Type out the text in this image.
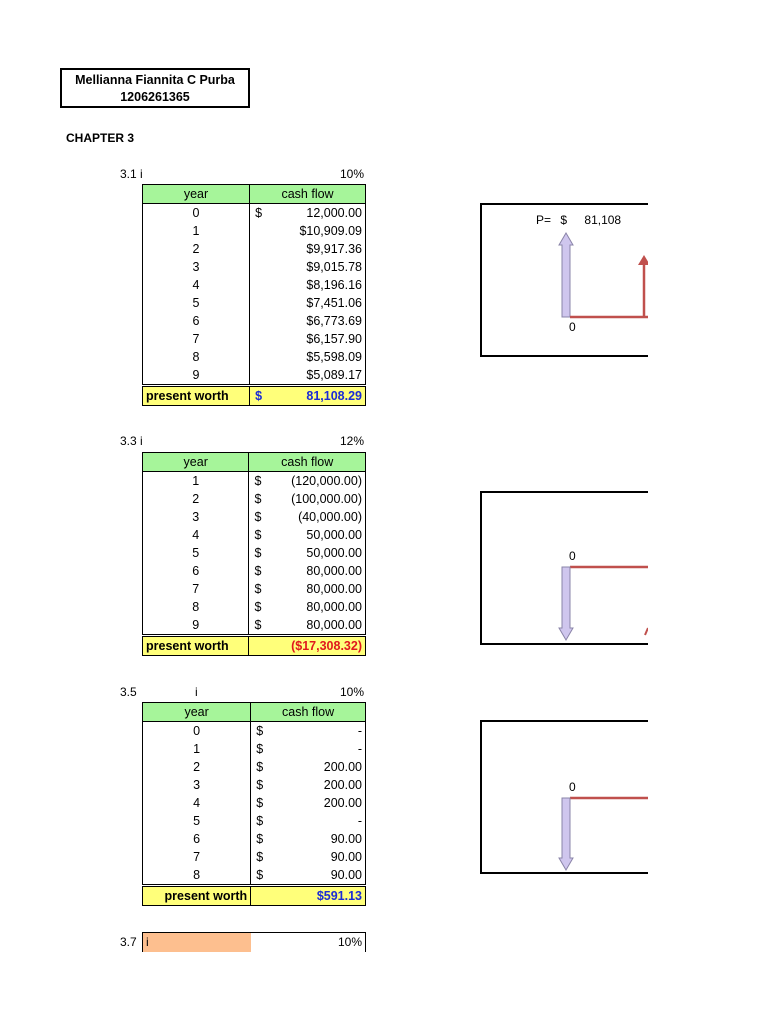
Mellianna Fiannita C Purba
1206261365
CHAPTER 3
3.1 i	10%
year	cash flow	
0	$	12,000.00
1		$10,909.09
2		$9,917.36
3		$9,015.78
4		$8,196.16
5		$7,451.06
6		$6,773.69
7		$6,157.90
8		$5,598.09
9		$5,089.17
present worth	$	81,108.29
P= $ 81,108
0
3.3 i	12%
year	cash flow	
1	$	(120,000.00)
2	$	(100,000.00)
3	$	(40,000.00)
4	$	50,000.00
5	$	50,000.00
6	$	80,000.00
7	$	80,000.00
8	$	80,000.00
9	$	80,000.00
present worth	($17,308.32)	
0
3.5	i	10%
year	cash flow	
0	$	-
1	$	-
2	$	200.00
3	$	200.00
4	$	200.00
5	$	-
6	$	90.00
7	$	90.00
8	$	90.00
present worth	$591.13	
0
3.7 i	10%
